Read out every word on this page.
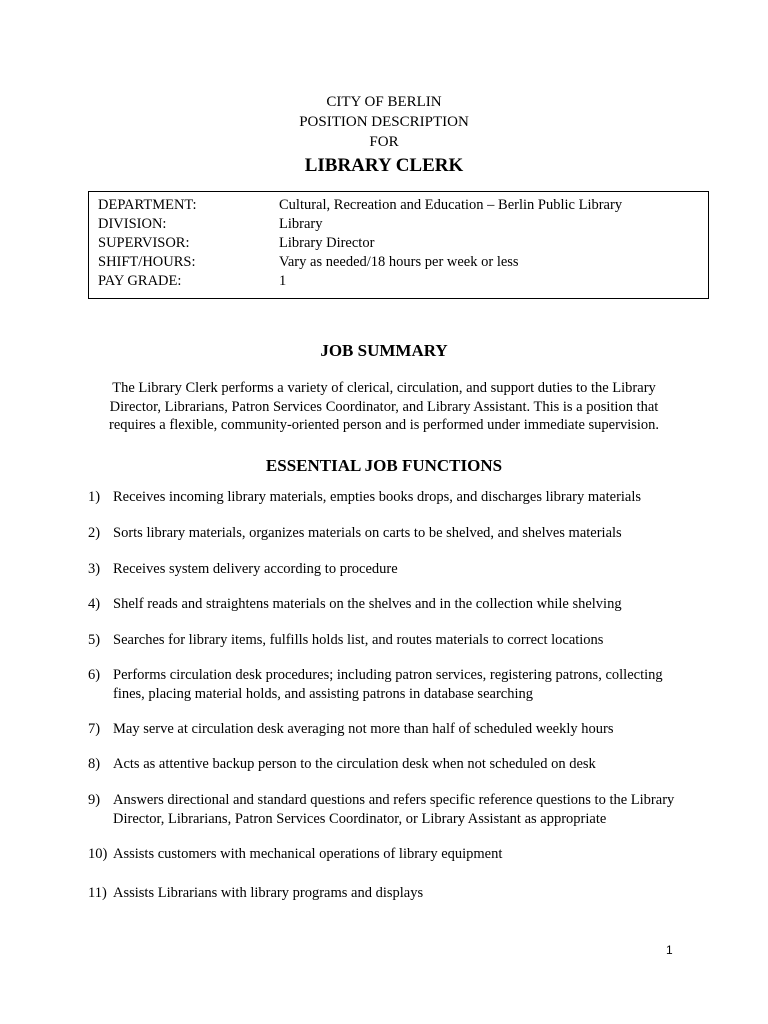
CITY OF BERLIN
POSITION DESCRIPTION
FOR
LIBRARY CLERK
DEPARTMENT:	Cultural, Recreation and Education – Berlin Public Library
DIVISION:	Library
SUPERVISOR:	Library Director
SHIFT/HOURS:	Vary as needed/18 hours per week or less
PAY GRADE:	1
JOB SUMMARY
The Library Clerk performs a variety of clerical, circulation, and support duties to the Library Director, Librarians, Patron Services Coordinator, and Library Assistant. This is a position that requires a flexible, community-oriented person and is performed under immediate supervision.
ESSENTIAL JOB FUNCTIONS
1) Receives incoming library materials, empties books drops, and discharges library materials
2) Sorts library materials, organizes materials on carts to be shelved, and shelves materials
3) Receives system delivery according to procedure
4) Shelf reads and straightens materials on the shelves and in the collection while shelving
5) Searches for library items, fulfills holds list, and routes materials to correct locations
6) Performs circulation desk procedures; including patron services, registering patrons, collecting fines, placing material holds, and assisting patrons in database searching
7) May serve at circulation desk averaging not more than half of scheduled weekly hours
8) Acts as attentive backup person to the circulation desk when not scheduled on desk
9) Answers directional and standard questions and refers specific reference questions to the Library Director, Librarians, Patron Services Coordinator, or Library Assistant as appropriate
10) Assists customers with mechanical operations of library equipment
11) Assists Librarians with library programs and displays
1
